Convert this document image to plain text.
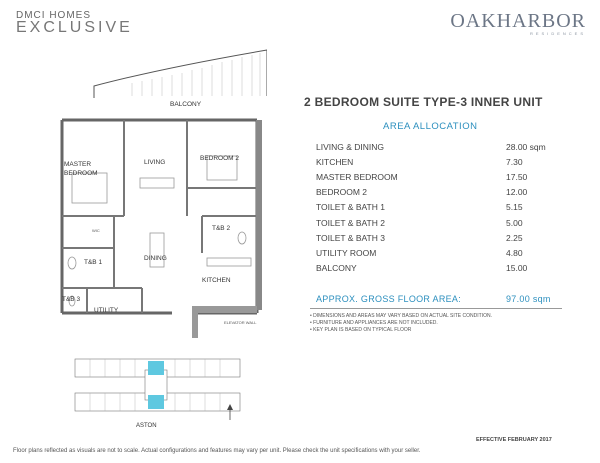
DMCI HOMES
EXCLUSIVE	OAKHARBOR
RESIDENCES
BALCONY
ELEVATOR WALL
MASTER
BEDROOM
LIVING
BEDROOM 2
T&B 2
DINING
T&B 1
KITCHEN
T&B 3
UTILITY
WIC
ASTON
2 BEDROOM SUITE TYPE-3 INNER UNIT
AREA ALLOCATION
LIVING & DINING	28.00 sqm
KITCHEN	7.30
MASTER BEDROOM	17.50
BEDROOM 2	12.00
TOILET & BATH 1	5.15
TOILET & BATH 2	5.00
TOILET & BATH 3	2.25
UTILITY ROOM	4.80
BALCONY	15.00
APPROX. GROSS FLOOR AREA:	97.00 sqm
• DIMENSIONS AND AREAS MAY VARY BASED ON ACTUAL SITE CONDITION.
• FURNITURE AND APPLIANCES ARE NOT INCLUDED.
• KEY PLAN IS BASED ON TYPICAL FLOOR
EFFECTIVE FEBRUARY 2017
Floor plans reflected as visuals are not to scale. Actual configurations and features may vary per unit. Please check the unit specifications with your seller.
